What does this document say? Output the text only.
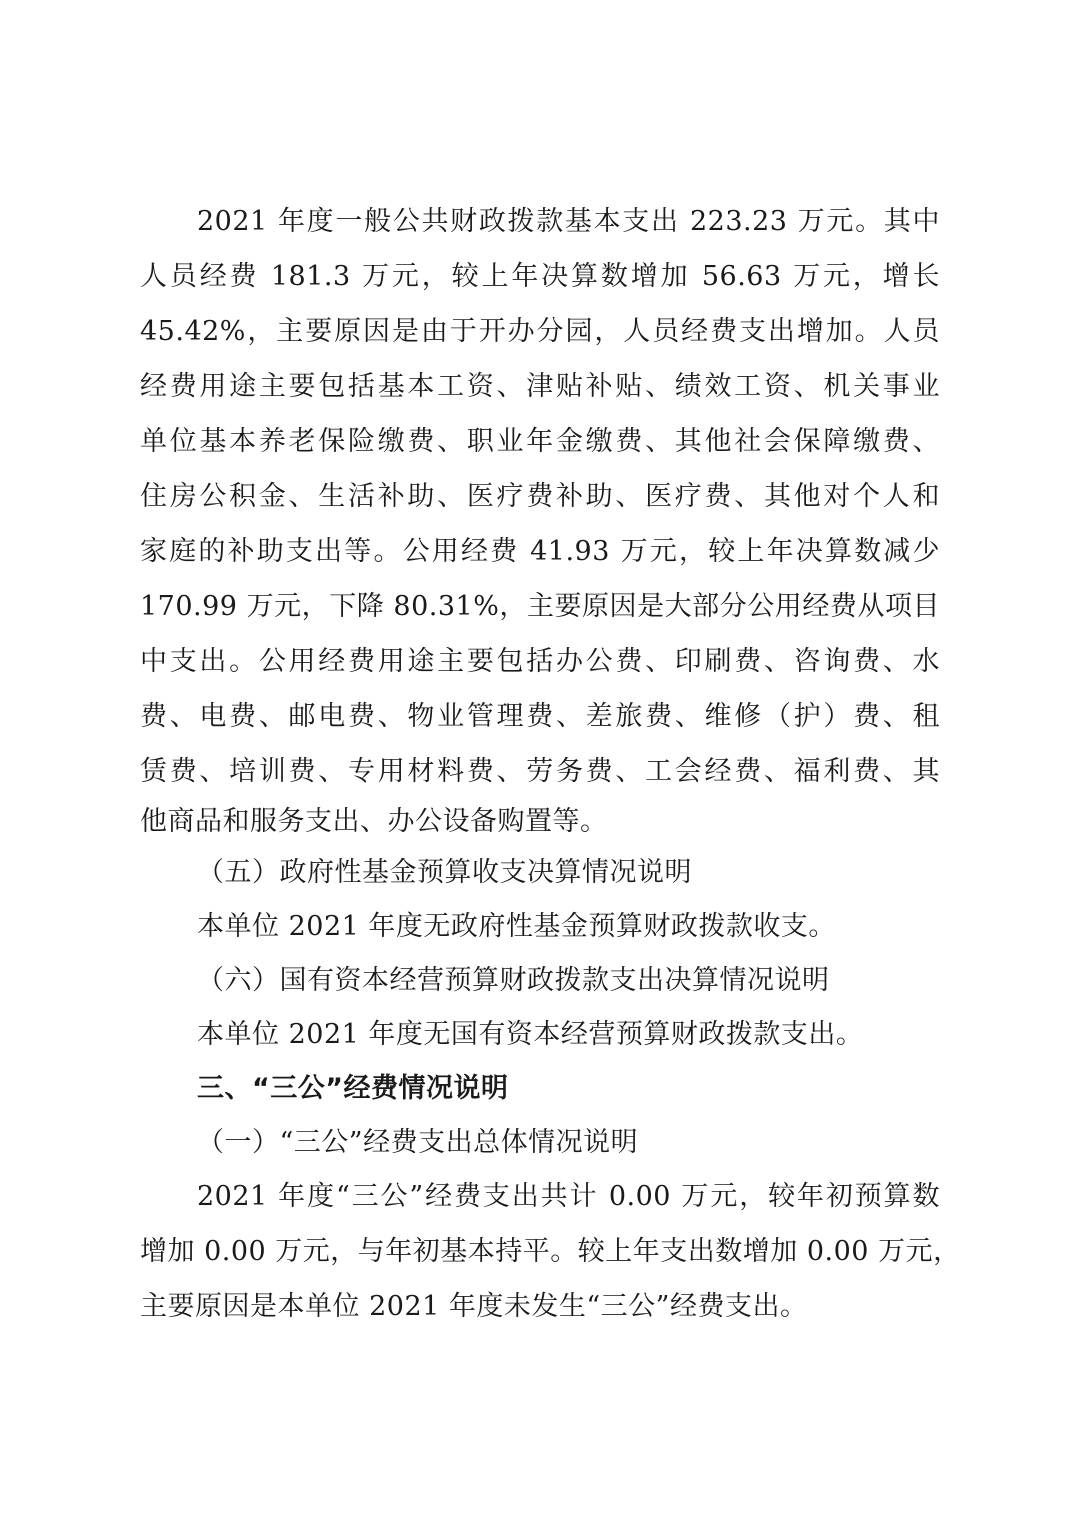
2021 年度一般公共财政拨款基本支出 223.23 万元。其中
人员经费 181.3 万元，较上年决算数增加 56.63 万元，增长
45.42%，主要原因是由于开办分园，人员经费支出增加。人员
经费用途主要包括基本工资、津贴补贴、绩效工资、机关事业
单位基本养老保险缴费、职业年金缴费、其他社会保障缴费、
住房公积金、生活补助、医疗费补助、医疗费、其他对个人和
家庭的补助支出等。公用经费 41.93 万元，较上年决算数减少
170.99 万元，下降 80.31%，主要原因是大部分公用经费从项目
中支出。公用经费用途主要包括办公费、印刷费、咨询费、水
费、电费、邮电费、物业管理费、差旅费、维修（护）费、租
赁费、培训费、专用材料费、劳务费、工会经费、福利费、其
他商品和服务支出、办公设备购置等。
（五）政府性基金预算收支决算情况说明
本单位 2021 年度无政府性基金预算财政拨款收支。
（六）国有资本经营预算财政拨款支出决算情况说明
本单位 2021 年度无国有资本经营预算财政拨款支出。
三、“三公”经费情况说明
（一）“三公”经费支出总体情况说明
2021 年度“三公”经费支出共计 0.00 万元，较年初预算数
增加 0.00 万元，与年初基本持平。较上年支出数增加 0.00 万元，
主要原因是本单位 2021 年度未发生“三公”经费支出。
